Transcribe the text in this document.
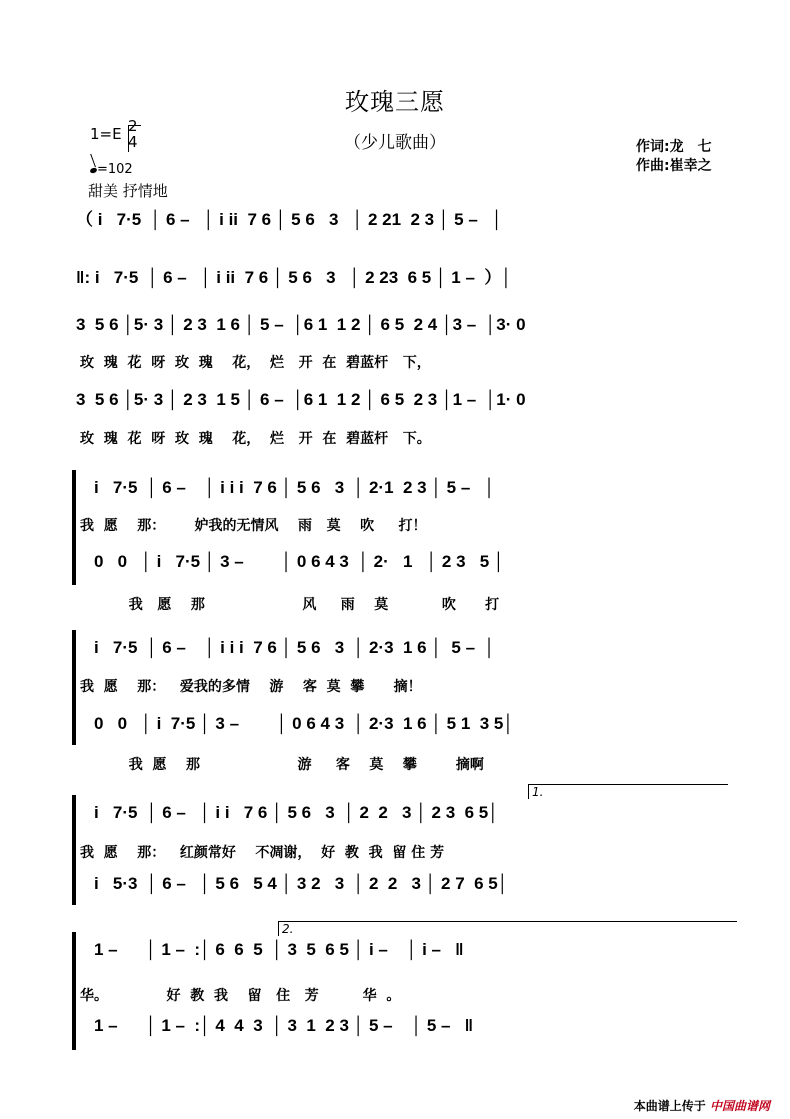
玫瑰三愿
（少儿歌曲）
1=E 2
4
=102
甜美 抒情地
作词:龙　七
作曲:崔幸之
（ i   7·5  │ 6 –   │ i ii  7 6 │ 5 6   3   │ 2 21  2 3 │ 5 –   │
‖: i   7·5  │ 6 –   │ i ii  7 6 │ 5 6   3   │ 2 23  6 5 │ 1 –  ）│
3  5 6 │5· 3 │ 2 3  1 6 │ 5 –  │6 1  1 2 │ 6 5  2 4 │3 –  │3· 0
玫  瑰  花  呀  玫  瑰    花，  烂   开  在  碧蓝杆   下，
3  5 6 │5· 3 │ 2 3  1 5 │ 6 –  │6 1  1 2 │ 6 5  2 3 │1 –  │1· 0
玫  瑰  花  呀  玫  瑰    花，  烂   开  在  碧蓝杆   下。
i   7·5  │ 6 –    │ i i i  7 6 │ 5 6   3  │ 2·1  2 3 │ 5 –   │
我  愿    那：      妒我的无情风    雨   莫    吹     打！
0   0   │ i   7·5 │ 3 –        │ 0 6 4 3  │ 2·   1   │ 2 3   5 │
我   愿    那                    风     雨    莫           吹      打
i   7·5  │ 6 –    │ i i i  7 6 │ 5 6   3  │ 2·3  1 6 │  5 –  │
我  愿    那：   爱我的多情    游    客  莫  攀      摘！
0   0   │ i  7·5 │ 3 –        │ 0 6 4 3  │ 2·3  1 6 │ 5 1  3 5│
我  愿    那                    游     客    莫    攀        摘啊
1.
i   7·5  │ 6 –   │ i i   7 6 │ 5 6   3  │ 2  2   3 │ 2 3  6 5│
我  愿    那：   红颜常好    不凋谢，  好  教  我  留 住 芳
i   5·3  │ 6 –   │ 5 6   5 4 │ 3 2   3  │ 2  2   3 │ 2 7  6 5│
2.
1 –      │ 1 –  :│ 6  6  5  │ 3  5  6 5 │ i –    │ i –   ‖
华。            好  教  我    留   住   芳         华  。
1 –      │ 1 –  :│ 4  4  3  │ 3  1  2 3 │ 5 –    │ 5 –   ‖
本曲谱上传于 中国曲谱网
